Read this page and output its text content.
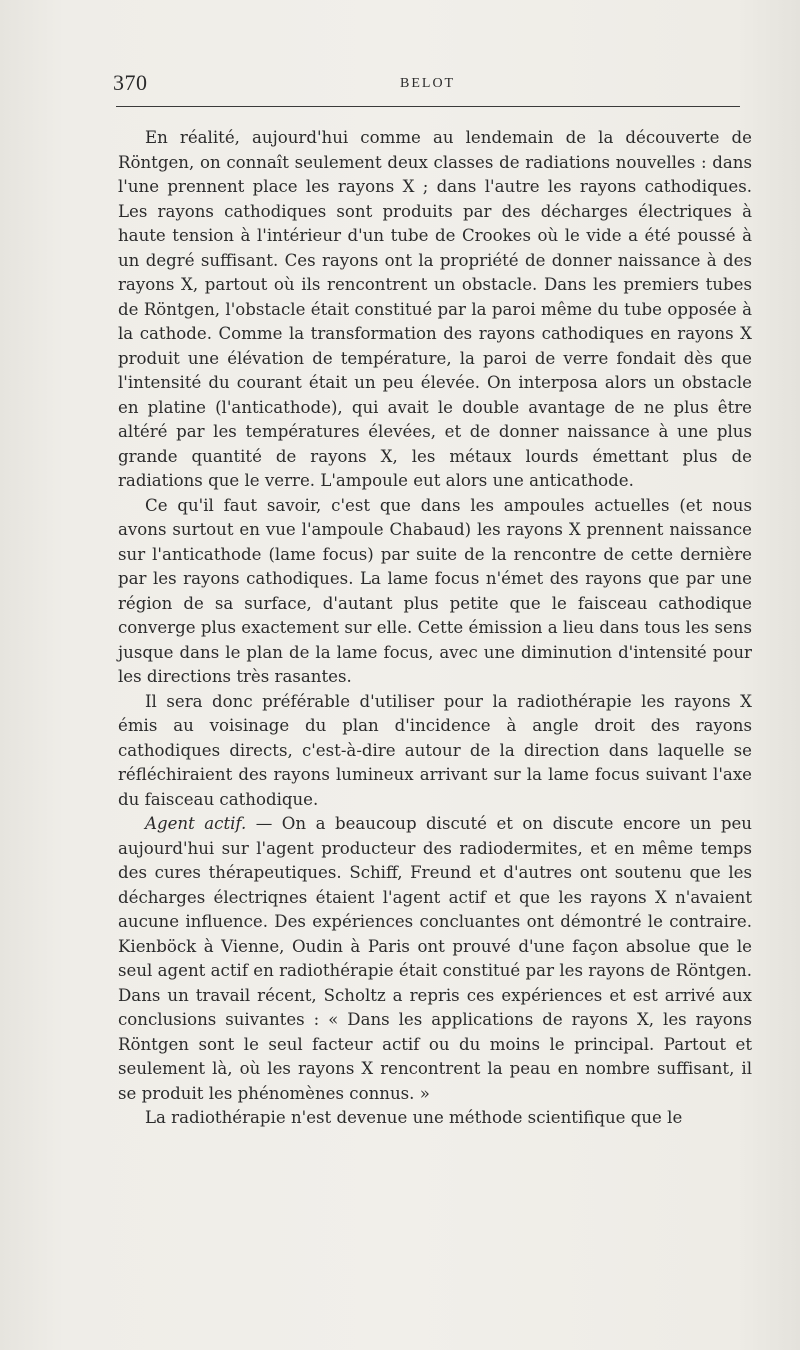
370	BELOT

En réalité, aujourd'hui comme au lendemain de la découverte de Röntgen, on connaît seulement deux classes de radiations nouvelles : dans l'une prennent place les rayons X ; dans l'autre les rayons cathodiques. Les rayons cathodiques sont produits par des décharges électriques à haute tension à l'intérieur d'un tube de Crookes où le vide a été poussé à un degré suffisant. Ces rayons ont la propriété de donner naissance à des rayons X, partout où ils rencontrent un obstacle. Dans les premiers tubes de Röntgen, l'obstacle était constitué par la paroi même du tube opposée à la cathode. Comme la transformation des rayons cathodiques en rayons X produit une élévation de température, la paroi de verre fondait dès que l'intensité du courant était un peu élevée. On interposa alors un obstacle en platine (l'anticathode), qui avait le double avantage de ne plus être altéré par les températures élevées, et de donner naissance à une plus grande quantité de rayons X, les métaux lourds émettant plus de radiations que le verre. L'ampoule eut alors une anticathode.

Ce qu'il faut savoir, c'est que dans les ampoules actuelles (et nous avons surtout en vue l'ampoule Chabaud) les rayons X prennent naissance sur l'anticathode (lame focus) par suite de la rencontre de cette dernière par les rayons cathodiques. La lame focus n'émet des rayons que par une région de sa surface, d'autant plus petite que le faisceau cathodique converge plus exactement sur elle. Cette émission a lieu dans tous les sens jusque dans le plan de la lame focus, avec une diminution d'intensité pour les directions très rasantes.

Il sera donc préférable d'utiliser pour la radiothérapie les rayons X émis au voisinage du plan d'incidence à angle droit des rayons cathodiques directs, c'est-à-dire autour de la direction dans laquelle se réfléchiraient des rayons lumineux arrivant sur la lame focus suivant l'axe du faisceau cathodique.

Agent actif. — On a beaucoup discuté et on discute encore un peu aujourd'hui sur l'agent producteur des radiodermites, et en même temps des cures thérapeutiques. Schiff, Freund et d'autres ont soutenu que les décharges électriqnes étaient l'agent actif et que les rayons X n'avaient aucune influence. Des expériences concluantes ont démontré le contraire. Kienböck à Vienne, Oudin à Paris ont prouvé d'une façon absolue que le seul agent actif en radiothérapie était constitué par les rayons de Röntgen. Dans un travail récent, Scholtz a repris ces expériences et est arrivé aux conclusions suivantes : « Dans les applications de rayons X, les rayons Röntgen sont le seul facteur actif ou du moins le principal. Partout et seulement là, où les rayons X rencontrent la peau en nombre suffisant, il se produit les phénomènes connus. »

La radiothérapie n'est devenue une méthode scientifique que le
